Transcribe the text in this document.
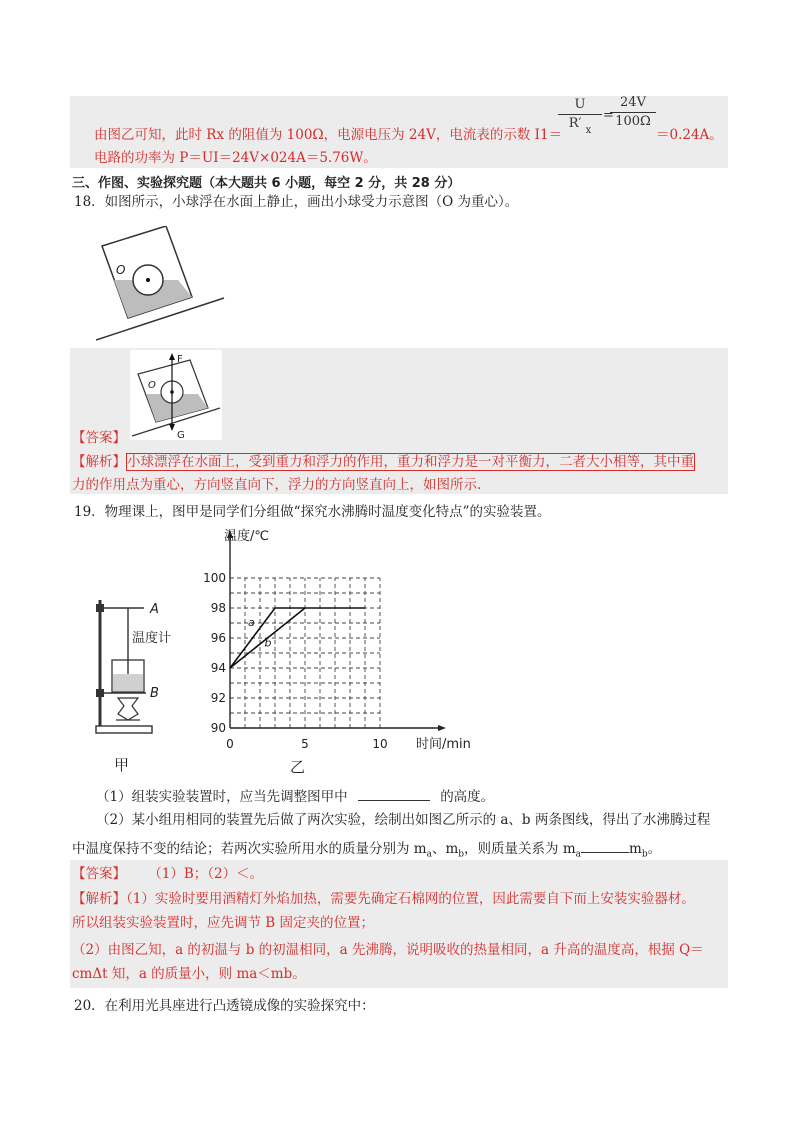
由图乙可知，此时 Rx 的阻值为 100Ω，电源电压为 24V，电流表的示数 I1＝
$\frac{U}{R' _x}$ =
$\frac{24V}{100\Omega}$
＝0.24A。
电路的功率为 P＝UI＝24V×024A＝5.76W。
三、作图、实验探究题（本大题共 6 小题，每空 2 分，共 28 分）
18．如图所示，小球浮在水面上静止，画出小球受力示意图（O 为重心）。
O
F
O
G
【答案】
【解析】小球漂浮在水面上，受到重力和浮力的作用，重力和浮力是一对平衡力，二者大小相等，其中重
力的作用点为重心，方向竖直向下，浮力的方向竖直向上，如图所示.
19．物理课上，图甲是同学们分组做“探究水沸腾时温度变化特点”的实验装置。
A
温度计
B
甲
90
92
94
96
98
100
0	5	10
温度/℃
时间/min
a
b
乙
（1）组装实验装置时，应当先调整图甲中	的高度。
（2）某小组用相同的装置先后做了两次实验，绘制出如图乙所示的 a、b 两条图线，得出了水沸腾过程
中温度保持不变的结论；若两次实验所用水的质量分别为 $m_a$、$m_b$，则质量关系为 $m_a$	$m_b$。
【答案】 （1）B；（2）＜。
【解析】（1）实验时要用酒精灯外焰加热，需要先确定石棉网的位置，因此需要自下而上安装实验器材。
所以组装实验装置时，应先调节 B 固定夹的位置；
（2）由图乙知，a 的初温与 b 的初温相同，a 先沸腾，说明吸收的热量相同，a 升高的温度高，根据 Q＝
cmΔt 知，a 的质量小，则 ma＜mb。
20．在利用光具座进行凸透镜成像的实验探究中：
